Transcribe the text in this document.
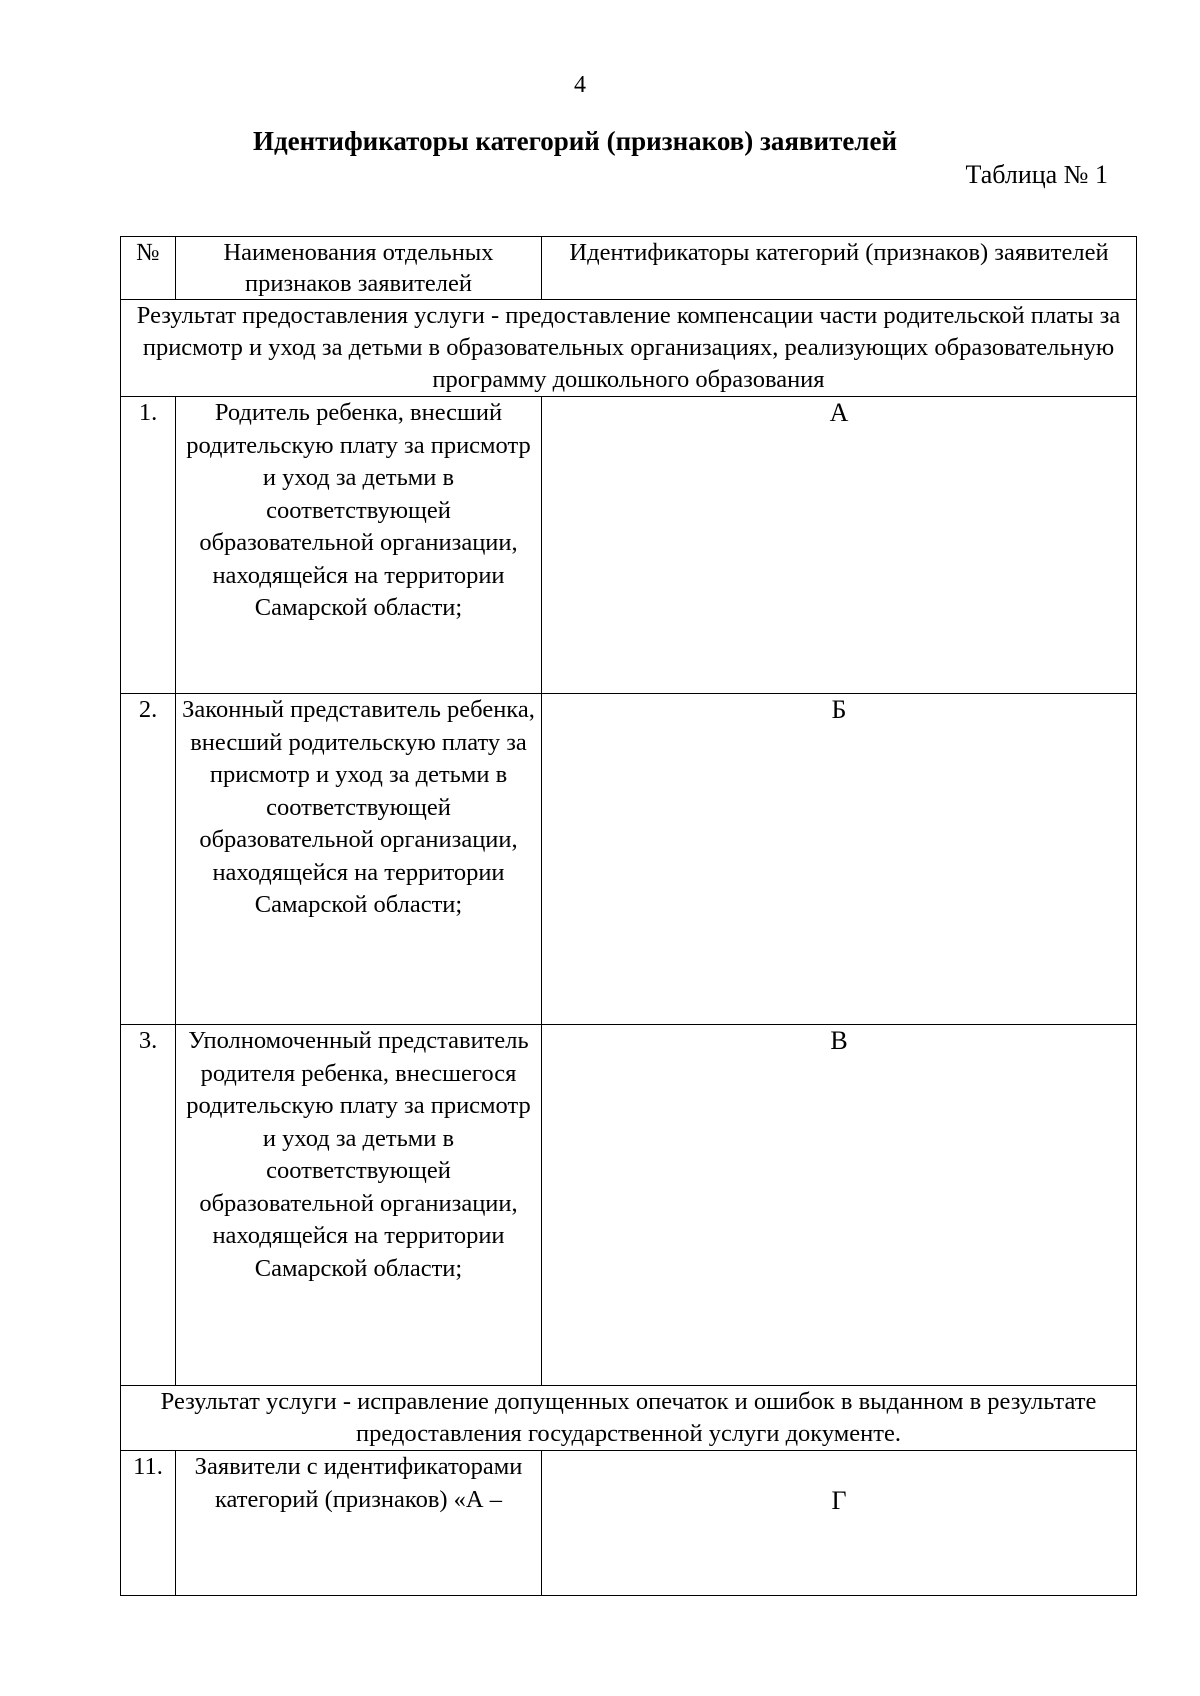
4
Идентификаторы категорий (признаков) заявителей
Таблица № 1
№	Наименования отдельных признаков заявителей	Идентификаторы категорий (признаков) заявителей
Результат предоставления услуги - предоставление компенсации части родительской платы за присмотр и уход за детьми в образовательных организациях, реализующих образовательную программу дошкольного образования		
1.	Родитель ребенка, внесший родительскую плату за присмотр и уход за детьми в соответствующей образовательной организации, находящейся на территории Самарской области;	А
2.	Законный представитель ребенка, внесший родительскую плату за присмотр и уход за детьми в соответствующей образовательной организации, находящейся на территории Самарской области;	Б
3.	Уполномоченный представитель родителя ребенка, внесшегося родительскую плату за присмотр и уход за детьми в соответствующей образовательной организации, находящейся на территории Самарской области;	В
Результат услуги - исправление допущенных опечаток и ошибок в выданном в результате предоставления государственной услуги документе.		
11.	Заявители с идентификаторами категорий (признаков) «А –	Г
